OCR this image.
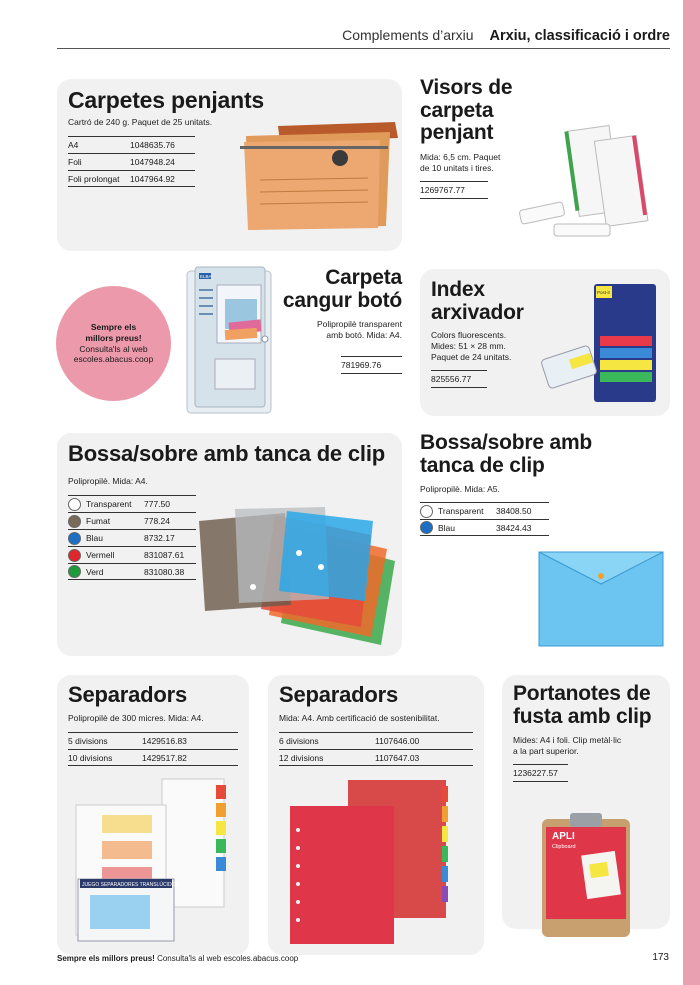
Complements d’arxiu Arxiu, classificació i ordre
Carpetes penjants
Cartró de 240 g. Paquet de 25 unitats.
A4	1048635.76
Foli	1047948.24
Foli prolongat	1047964.92
Visors de
carpeta
penjant
Mida: 6,5 cm. Paquet
de 10 unitats i tires.
1269767.77
Sempre els
millors preus!
Consulta'ls al web
escoles.abacus.coop
ELBA	Carpeta
cangur botó
Polipropilè transparent
amb botó. Mida: A4.
781969.76
Index
arxivador
Colors fluorescents.
Mides: 51 × 28 mm.
Paquet de 24 unitats.
825556.77
Post-it
Bossa/sobre amb tanca de clip
Polipropilè. Mida: A4.
Transparent	777.50
Fumat	778.24
Blau	8732.17
Vermell	831087.61
Verd	831080.38
Bossa/sobre amb
tanca de clip
Polipropilè. Mida: A5.
Transparent	38408.50
Blau	38424.43
Separadors
Polipropilè de 300 micres. Mida: A4.
5 divisions	1429516.83
10 divisions	1429517.82
JUEGO SEPARADORES TRANSLÚCIDOS
Separadors
Mida: A4. Amb certificació de sostenibilitat.
6 divisions	1107646.00
12 divisions	1107647.03
Portanotes de
fusta amb clip
Mides: A4 i foli. Clip metàl·lic
a la part superior.
1236227.57
APLI
Clipboard
Sempre els millors preus! Consulta'ls al web escoles.abacus.coop	173
